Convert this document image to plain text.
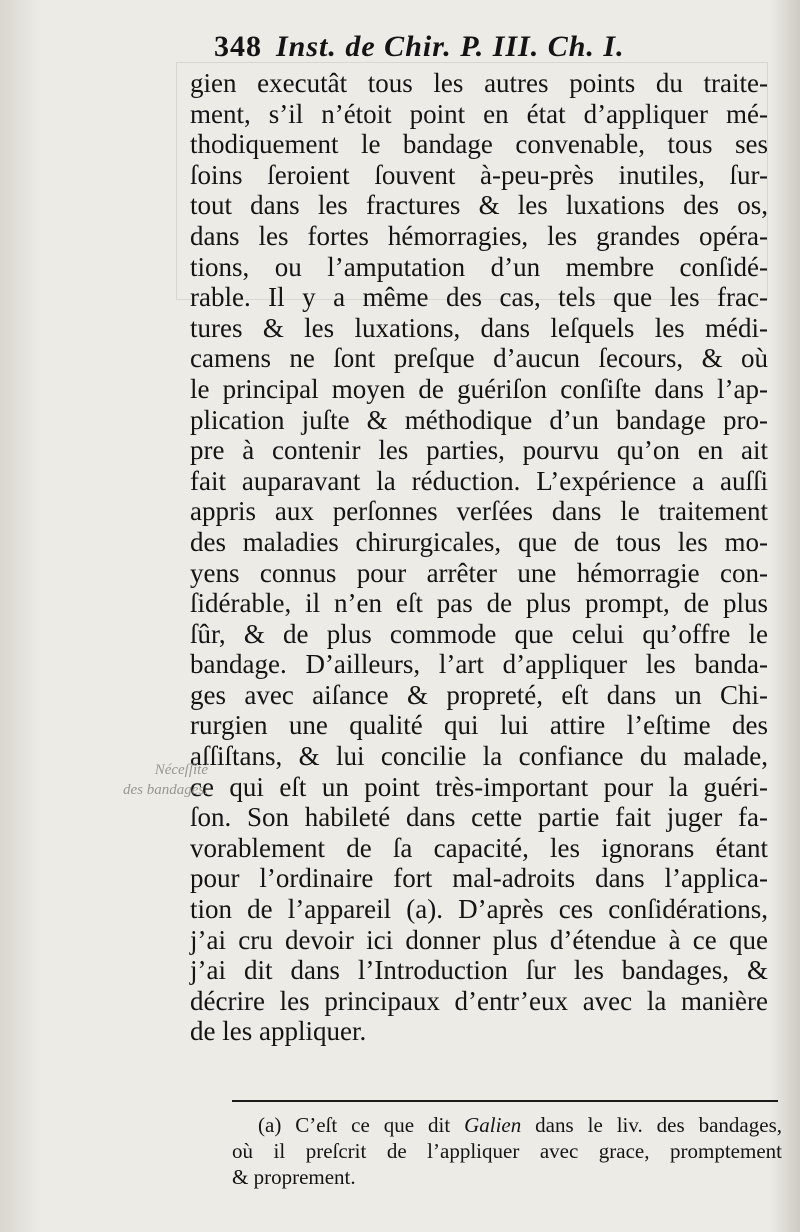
348 Inst. de Chir. P. III. Ch. I.
gien executât tous les autres points du traite-
ment, s’il n’étoit point en état d’appliquer mé-
thodiquement le bandage convenable, tous ses
ſoins ſeroient ſouvent à-peu-près inutiles, ſur-
tout dans les fractures & les luxations des os,
dans les fortes hémorragies, les grandes opéra-
tions, ou l’amputation d’un membre conſidé-
rable. Il y a même des cas, tels que les frac-
tures & les luxations, dans leſquels les médi-
camens ne ſont preſque d’aucun ſecours, & où
le principal moyen de guériſon conſiſte dans l’ap-
plication juſte & méthodique d’un bandage pro-
pre à contenir les parties, pourvu qu’on en ait
fait auparavant la réduction. L’expérience a auſſi
appris aux perſonnes verſées dans le traitement
des maladies chirurgicales, que de tous les mo-
yens connus pour arrêter une hémorragie con-
ſidérable, il n’en eſt pas de plus prompt, de plus
ſûr, & de plus commode que celui qu’offre le
bandage. D’ailleurs, l’art d’appliquer les banda-
ges avec aiſance & propreté, eſt dans un Chi-
rurgien une qualité qui lui attire l’eſtime des
aſſiſtans, & lui concilie la confiance du malade,
ce qui eſt un point très-important pour la guéri-
ſon. Son habileté dans cette partie fait juger fa-
vorablement de ſa capacité, les ignorans étant
pour l’ordinaire fort mal-adroits dans l’applica-
tion de l’appareil (a). D’après ces conſidérations,
j’ai cru devoir ici donner plus d’étendue à ce que
j’ai dit dans l’Introduction ſur les bandages, &
décrire les principaux d’entr’eux avec la manière
de les appliquer.
Néceſſité
des bandages.
(a) C’eſt ce que dit Galien dans le liv. des bandages,
où il preſcrit de l’appliquer avec grace, promptement
& proprement.
